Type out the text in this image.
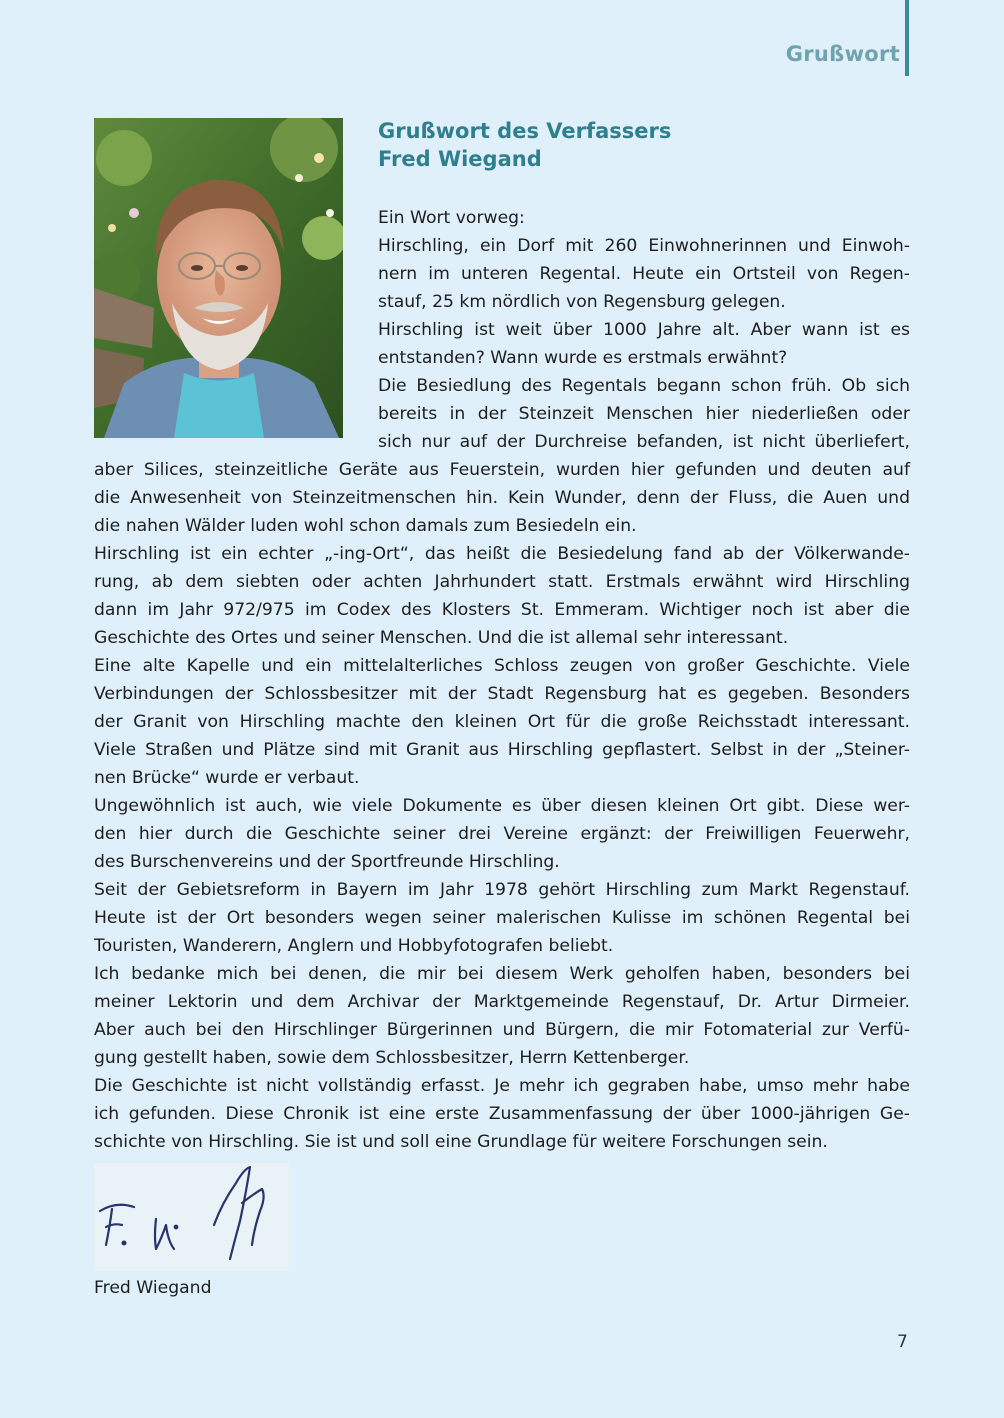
Grußwort
Grußwort des Verfassers
Fred Wiegand
Ein Wort vorweg:
Hirschling, ein Dorf mit 260 Einwohnerinnen und Einwoh-
nern im unteren Regental. Heute ein Ortsteil von Regen-
stauf, 25 km nördlich von Regensburg gelegen.
Hirschling ist weit über 1000 Jahre alt. Aber wann ist es
entstanden? Wann wurde es erstmals erwähnt?
Die Besiedlung des Regentals begann schon früh. Ob sich
bereits in der Steinzeit Menschen hier niederließen oder
sich nur auf der Durchreise befanden, ist nicht überliefert,
aber Silices, steinzeitliche Geräte aus Feuerstein, wurden hier gefunden und deuten auf
die Anwesenheit von Steinzeitmenschen hin. Kein Wunder, denn der Fluss, die Auen und
die nahen Wälder luden wohl schon damals zum Besiedeln ein.
Hirschling ist ein echter „-ing-Ort“, das heißt die Besiedelung fand ab der Völkerwande-
rung, ab dem siebten oder achten Jahrhundert statt. Erstmals erwähnt wird Hirschling
dann im Jahr 972/975 im Codex des Klosters St. Emmeram. Wichtiger noch ist aber die
Geschichte des Ortes und seiner Menschen. Und die ist allemal sehr interessant.
Eine alte Kapelle und ein mittelalterliches Schloss zeugen von großer Geschichte. Viele
Verbindungen der Schlossbesitzer mit der Stadt Regensburg hat es gegeben. Besonders
der Granit von Hirschling machte den kleinen Ort für die große Reichsstadt interessant.
Viele Straßen und Plätze sind mit Granit aus Hirschling gepflastert. Selbst in der „Steiner-
nen Brücke“ wurde er verbaut.
Ungewöhnlich ist auch, wie viele Dokumente es über diesen kleinen Ort gibt. Diese wer-
den hier durch die Geschichte seiner drei Vereine ergänzt: der Freiwilligen Feuerwehr,
des Burschenvereins und der Sportfreunde Hirschling.
Seit der Gebietsreform in Bayern im Jahr 1978 gehört Hirschling zum Markt Regenstauf.
Heute ist der Ort besonders wegen seiner malerischen Kulisse im schönen Regental bei
Touristen, Wanderern, Anglern und Hobbyfotografen beliebt.
Ich bedanke mich bei denen, die mir bei diesem Werk geholfen haben, besonders bei
meiner Lektorin und dem Archivar der Marktgemeinde Regenstauf, Dr. Artur Dirmeier.
Aber auch bei den Hirschlinger Bürgerinnen und Bürgern, die mir Fotomaterial zur Verfü-
gung gestellt haben, sowie dem Schlossbesitzer, Herrn Kettenberger.
Die Geschichte ist nicht vollständig erfasst. Je mehr ich gegraben habe, umso mehr habe
ich gefunden. Diese Chronik ist eine erste Zusammenfassung der über 1000-jährigen Ge-
schichte von Hirschling. Sie ist und soll eine Grundlage für weitere Forschungen sein.
Fred Wiegand
7
